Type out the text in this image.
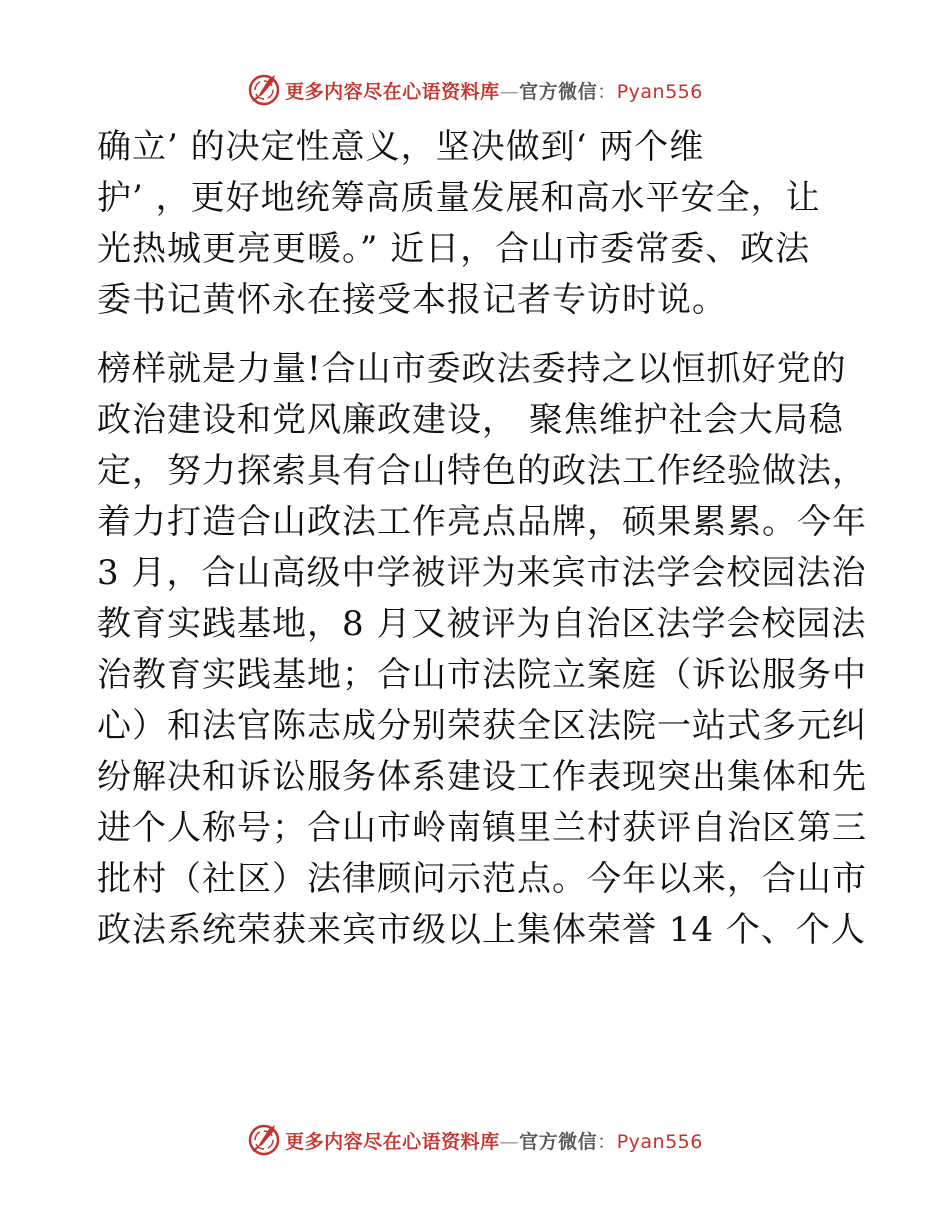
更多内容尽在心语资料库—官方微信：Pyan556

确立’ 的决定性意义，坚决做到‘ 两个维

护’ ，更好地统筹高质量发展和高水平安全，让

光热城更亮更暖。” 近日，合山市委常委、政法

委书记黄怀永在接受本报记者专访时说。

榜样就是力量!合山市委政法委持之以恒抓好党的

政治建设和党风廉政建设， 聚焦维护社会大局稳

定，努力探索具有合山特色的政法工作经验做法，

着力打造合山政法工作亮点品牌，硕果累累。今年

3 月，合山高级中学被评为来宾市法学会校园法治

教育实践基地，8 月又被评为自治区法学会校园法

治教育实践基地；合山市法院立案庭（诉讼服务中

心）和法官陈志成分别荣获全区法院一站式多元纠

纷解决和诉讼服务体系建设工作表现突出集体和先

进个人称号；合山市岭南镇里兰村获评自治区第三

批村（社区）法律顾问示范点。今年以来，合山市

政法系统荣获来宾市级以上集体荣誉 14 个、个人

更多内容尽在心语资料库—官方微信：Pyan556
